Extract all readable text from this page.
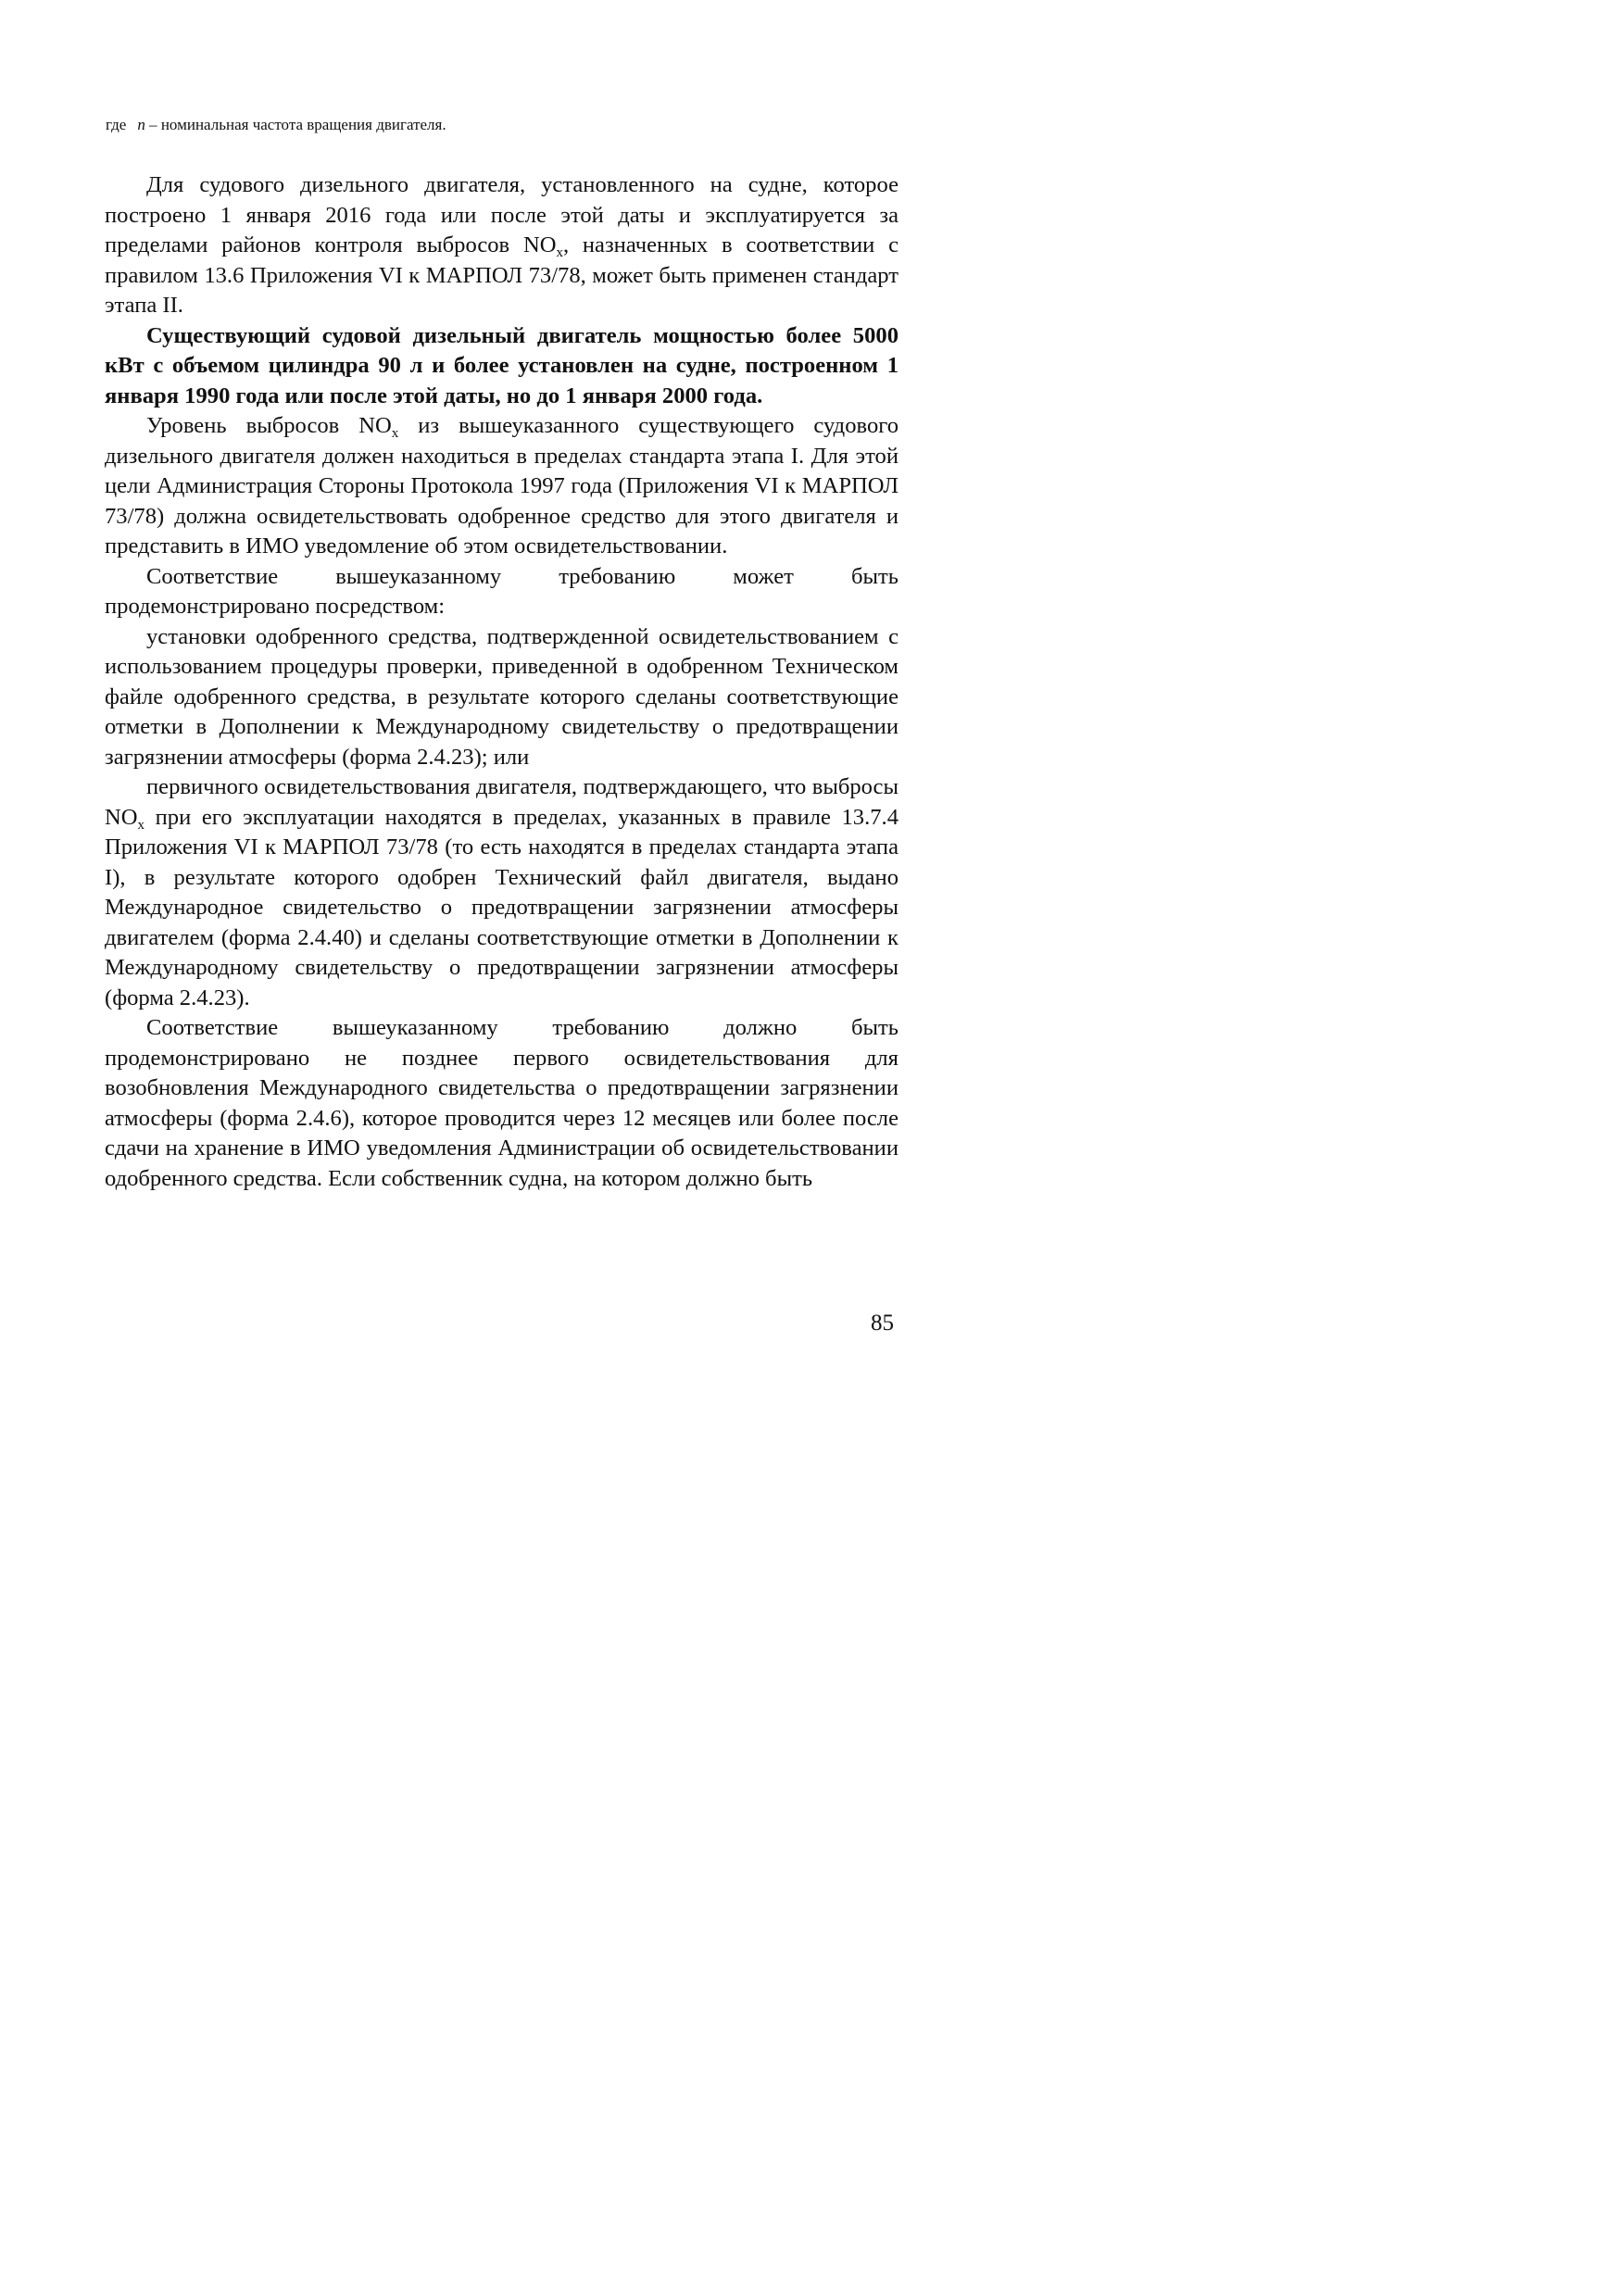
где n – номинальная частота вращения двигателя.

Для судового дизельного двигателя, установленного на судне, которое построено 1 января 2016 года или после этой даты и эксплуатируется за пределами районов контроля выбросов $NO_x$, назначенных в соответствии с правилом 13.6 Приложения VI к МАРПОЛ 73/78, может быть применен стандарт этапа II.

Существующий судовой дизельный двигатель мощностью более 5000 кВт с объемом цилиндра 90 л и более установлен на судне, построенном 1 января 1990 года или после этой даты, но до 1 января 2000 года.

Уровень выбросов $NO_x$ из вышеуказанного существующего судового дизельного двигателя должен находиться в пределах стандарта этапа I. Для этой цели Администрация Стороны Протокола 1997 года (Приложения VI к МАРПОЛ 73/78) должна освидетельствовать одобренное средство для этого двигателя и представить в ИМО уведомление об этом освидетельствовании.

Соответствие вышеуказанному требованию может быть продемонстрировано посредством:

установки одобренного средства, подтвержденной освидетельствованием с использованием процедуры проверки, приведенной в одобренном Техническом файле одобренного средства, в результате которого сделаны соответствующие отметки в Дополнении к Международному свидетельству о предотвращении загрязнении атмосферы (форма 2.4.23); или

первичного освидетельствования двигателя, подтверждающего, что выбросы $NO_x$ при его эксплуатации находятся в пределах, указанных в правиле 13.7.4 Приложения VI к МАРПОЛ 73/78 (то есть находятся в пределах стандарта этапа I), в результате которого одобрен Технический файл двигателя, выдано Международное свидетельство о предотвращении загрязнении атмосферы двигателем (форма 2.4.40) и сделаны соответствующие отметки в Дополнении к Международному свидетельству о предотвращении загрязнении атмосферы (форма 2.4.23).

Соответствие вышеуказанному требованию должно быть продемонстрировано не позднее первого освидетельствования для возобновления Международного свидетельства о предотвращении загрязнении атмосферы (форма 2.4.6), которое проводится через 12 месяцев или более после сдачи на хранение в ИМО уведомления Администрации об освидетельствовании одобренного средства. Если собственник судна, на котором должно быть

85
